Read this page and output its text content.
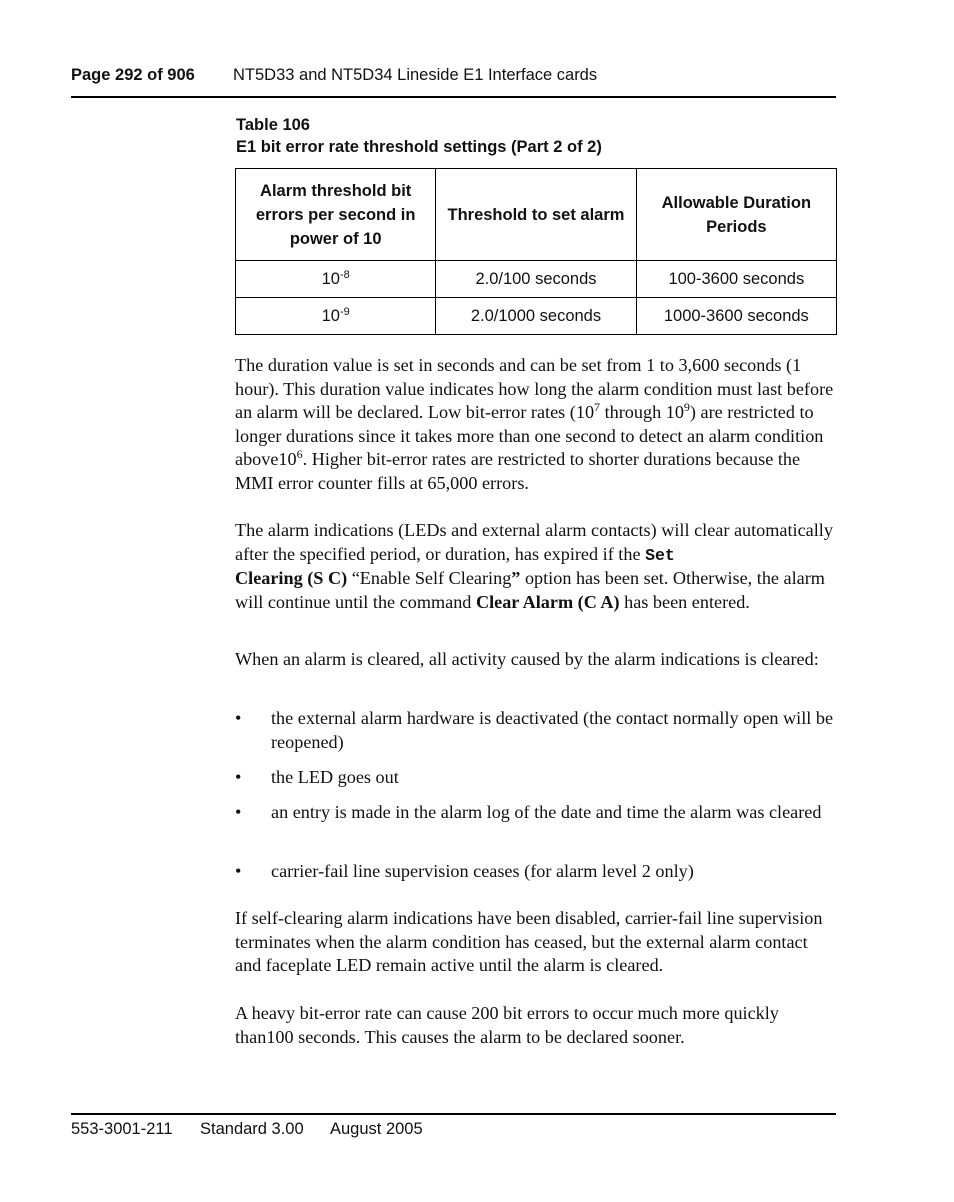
Page 292 of 906 NT5D33 and NT5D34 Lineside E1 Interface cards
Table 106
E1 bit error rate threshold settings (Part 2 of 2)
Alarm threshold bit errors per second in power of 10	Threshold to set alarm	Allowable Duration Periods
$10^{-8}$	2.0/100 seconds	100-3600 seconds
$10^{-9}$	2.0/1000 seconds	1000-3600 seconds

The duration value is set in seconds and can be set from 1 to 3,600 seconds (1 hour). This duration value indicates how long the alarm condition must last before an alarm will be declared. Low bit-error rates ($10^7$ through $10^9$) are restricted to longer durations since it takes more than one second to detect an alarm condition $above10^6$. Higher bit-error rates are restricted to shorter durations because the MMI error counter fills at 65,000 errors.

The alarm indications (LEDs and external alarm contacts) will clear automatically after the specified period, or duration, has expired if the Set
Clearing (S C) “Enable Self Clearing” option has been set. Otherwise, the alarm will continue until the command Clear Alarm (C A) has been entered.

When an alarm is cleared, all activity caused by the alarm indications is cleared:

• the external alarm hardware is deactivated (the contact normally open will be reopened)
• the LED goes out
• an entry is made in the alarm log of the date and time the alarm was cleared
• carrier-fail line supervision ceases (for alarm level 2 only)

If self-clearing alarm indications have been disabled, carrier-fail line supervision terminates when the alarm condition has ceased, but the external alarm contact and faceplate LED remain active until the alarm is cleared.

A heavy bit-error rate can cause 200 bit errors to occur much more quickly than100 seconds. This causes the alarm to be declared sooner.

553-3001-211 Standard 3.00 August 2005
